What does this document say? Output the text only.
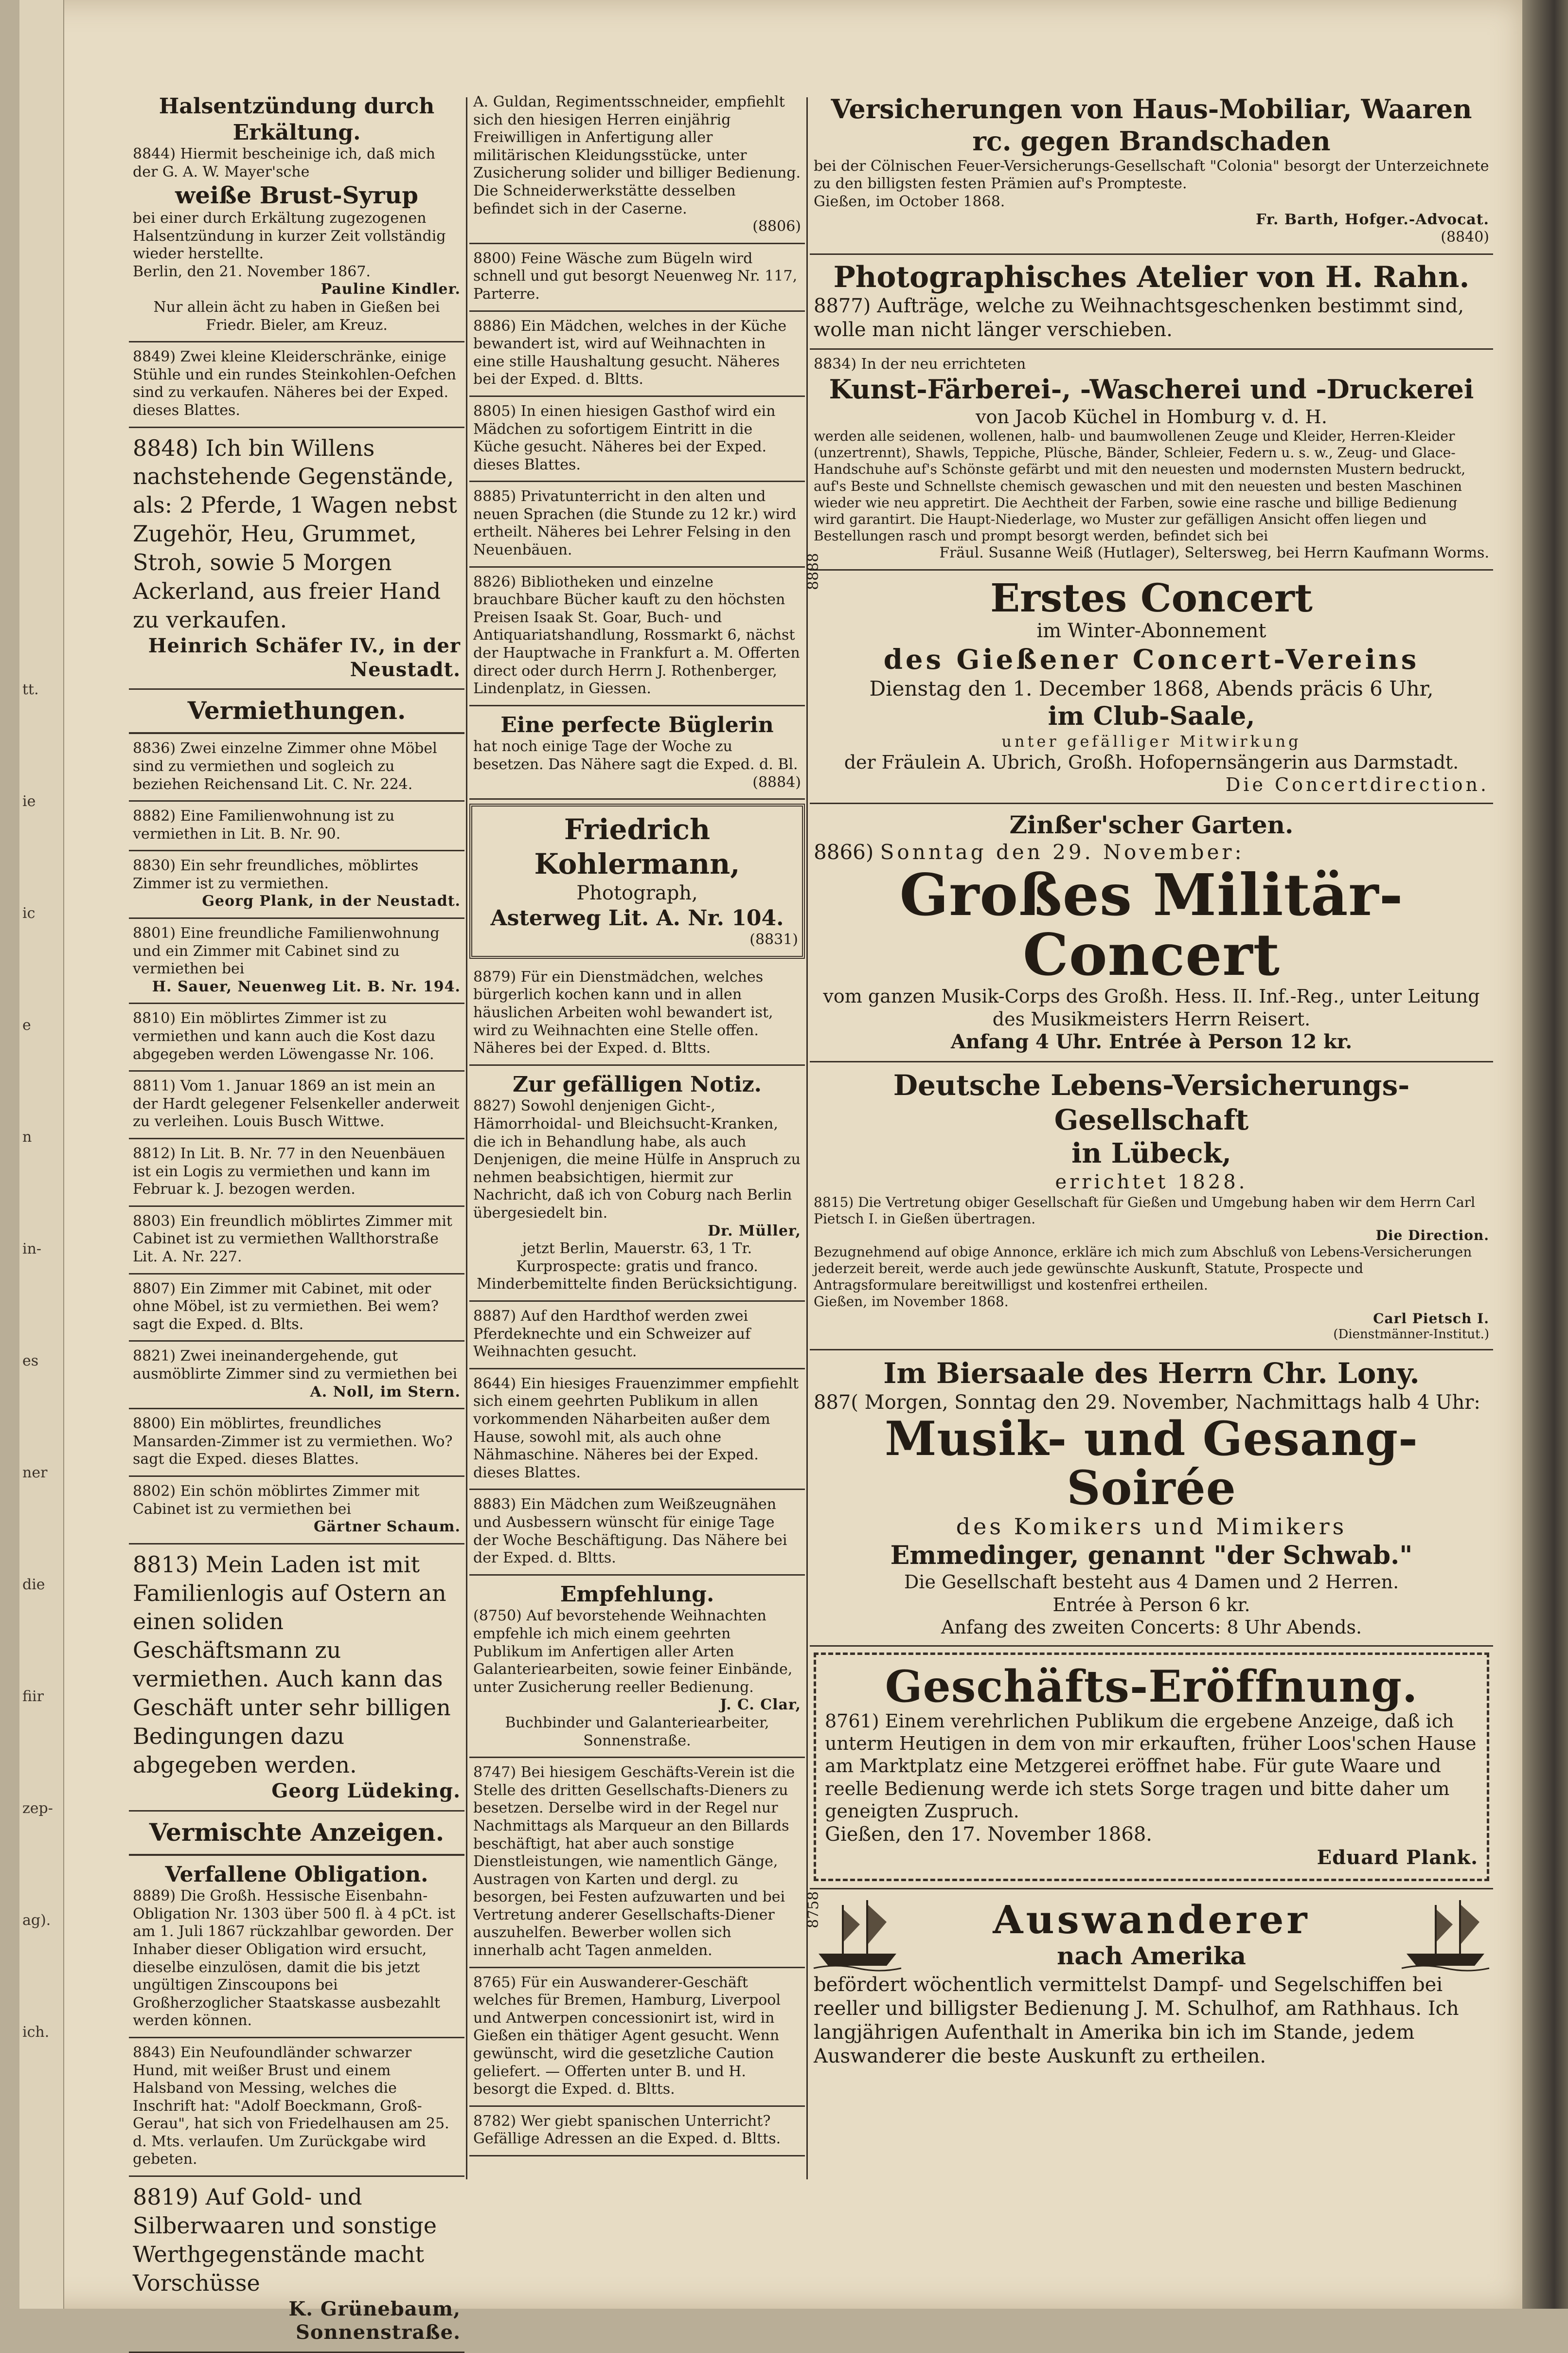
tt.
ie
ic
e
n
in-
es
ner
die
fiir
zep-
ag).
ich.

Halsentzündung durch Erkältung.

8844) Hiermit bescheinige ich, daß mich der G. A. W. Mayer'sche

weiße Brust-Syrup

bei einer durch Erkältung zugezogenen Halsentzündung in kurzer Zeit vollständig wieder herstellte.

Berlin, den 21. November 1867.

Pauline Kindler.

Nur allein ächt zu haben in Gießen bei Friedr. Bieler, am Kreuz.

8849) Zwei kleine Kleiderschränke, einige Stühle und ein rundes Steinkohlen-Oefchen sind zu verkaufen. Näheres bei der Exped. dieses Blattes.

8848) Ich bin Willens nachstehende Gegenstände, als: 2 Pferde, 1 Wagen nebst Zugehör, Heu, Grummet, Stroh, sowie 5 Morgen Ackerland, aus freier Hand zu verkaufen.

Heinrich Schäfer IV., in der Neustadt.

Vermiethungen.

8836) Zwei einzelne Zimmer ohne Möbel sind zu vermiethen und sogleich zu beziehen Reichensand Lit. C. Nr. 224.

8882) Eine Familienwohnung ist zu vermiethen in Lit. B. Nr. 90.

8830) Ein sehr freundliches, möblirtes Zimmer ist zu vermiethen.

Georg Plank, in der Neustadt.

8801) Eine freundliche Familienwohnung und ein Zimmer mit Cabinet sind zu vermiethen bei

H. Sauer, Neuenweg Lit. B. Nr. 194.

8810) Ein möblirtes Zimmer ist zu vermiethen und kann auch die Kost dazu abgegeben werden Löwengasse Nr. 106.

8811) Vom 1. Januar 1869 an ist mein an der Hardt gelegener Felsenkeller anderweit zu verleihen. Louis Busch Wittwe.

8812) In Lit. B. Nr. 77 in den Neuenbäuen ist ein Logis zu vermiethen und kann im Februar k. J. bezogen werden.

8803) Ein freundlich möblirtes Zimmer mit Cabinet ist zu vermiethen Wallthorstraße Lit. A. Nr. 227.

8807) Ein Zimmer mit Cabinet, mit oder ohne Möbel, ist zu vermiethen. Bei wem? sagt die Exped. d. Blts.

8821) Zwei ineinandergehende, gut ausmöblirte Zimmer sind zu vermiethen bei

A. Noll, im Stern.

8800) Ein möblirtes, freundliches Mansarden-Zimmer ist zu vermiethen. Wo? sagt die Exped. dieses Blattes.

8802) Ein schön möblirtes Zimmer mit Cabinet ist zu vermiethen bei

Gärtner Schaum.

8813) Mein Laden ist mit Familienlogis auf Ostern an einen soliden Geschäftsmann zu vermiethen. Auch kann das Geschäft unter sehr billigen Bedingungen dazu abgegeben werden.

Georg Lüdeking.

Vermischte Anzeigen.

Verfallene Obligation.

8889) Die Großh. Hessische Eisenbahn-Obligation Nr. 1303 über 500 fl. à 4 pCt. ist am 1. Juli 1867 rückzahlbar geworden. Der Inhaber dieser Obligation wird ersucht, dieselbe einzulösen, damit die bis jetzt ungültigen Zinscoupons bei Großherzoglicher Staatskasse ausbezahlt werden können.

8843) Ein Neufoundländer schwarzer Hund, mit weißer Brust und einem Halsband von Messing, welches die Inschrift hat: "Adolf Boeckmann, Groß-Gerau", hat sich von Friedelhausen am 25. d. Mts. verlaufen. Um Zurückgabe wird gebeten.

8819) Auf Gold- und Silberwaaren und sonstige Werthgegenstände macht Vorschüsse

K. Grünebaum, Sonnenstraße.

A. Guldan, Regimentsschneider, empfiehlt sich den hiesigen Herren einjährig Freiwilligen in Anfertigung aller militärischen Kleidungsstücke, unter Zusicherung solider und billiger Bedienung. Die Schneiderwerkstätte desselben befindet sich in der Caserne.

(8806)

8800) Feine Wäsche zum Bügeln wird schnell und gut besorgt Neuenweg Nr. 117, Parterre.

8886) Ein Mädchen, welches in der Küche bewandert ist, wird auf Weihnachten in eine stille Haushaltung gesucht. Näheres bei der Exped. d. Bltts.

8805) In einen hiesigen Gasthof wird ein Mädchen zu sofortigem Eintritt in die Küche gesucht. Näheres bei der Exped. dieses Blattes.

8885) Privatunterricht in den alten und neuen Sprachen (die Stunde zu 12 kr.) wird ertheilt. Näheres bei Lehrer Felsing in den Neuenbäuen.

8826) Bibliotheken und einzelne brauchbare Bücher kauft zu den höchsten Preisen Isaak St. Goar, Buch- und Antiquariatshandlung, Rossmarkt 6, nächst der Hauptwache in Frankfurt a. M. Offerten direct oder durch Herrn J. Rothenberger, Lindenplatz, in Giessen.

Eine perfecte Büglerin

hat noch einige Tage der Woche zu besetzen. Das Nähere sagt die Exped. d. Bl.

(8884)

Friedrich Kohlermann,

Photograph,

Asterweg Lit. A. Nr. 104.

(8831)

8879) Für ein Dienstmädchen, welches bürgerlich kochen kann und in allen häuslichen Arbeiten wohl bewandert ist, wird zu Weihnachten eine Stelle offen. Näheres bei der Exped. d. Bltts.

Zur gefälligen Notiz.

8827) Sowohl denjenigen Gicht-, Hämorrhoidal- und Bleichsucht-Kranken, die ich in Behandlung habe, als auch Denjenigen, die meine Hülfe in Anspruch zu nehmen beabsichtigen, hiermit zur Nachricht, daß ich von Coburg nach Berlin übergesiedelt bin.

Dr. Müller,

jetzt Berlin, Mauerstr. 63, 1 Tr. Kurprospecte: gratis und franco. Minderbemittelte finden Berücksichtigung.

8887) Auf den Hardthof werden zwei Pferdeknechte und ein Schweizer auf Weihnachten gesucht.

8644) Ein hiesiges Frauenzimmer empfiehlt sich einem geehrten Publikum in allen vorkommenden Näharbeiten außer dem Hause, sowohl mit, als auch ohne Nähmaschine. Näheres bei der Exped. dieses Blattes.

8883) Ein Mädchen zum Weißzeugnähen und Ausbessern wünscht für einige Tage der Woche Beschäftigung. Das Nähere bei der Exped. d. Bltts.

Empfehlung.

(8750) Auf bevorstehende Weihnachten empfehle ich mich einem geehrten Publikum im Anfertigen aller Arten Galanteriearbeiten, sowie feiner Einbände, unter Zusicherung reeller Bedienung.

J. C. Clar,

Buchbinder und Galanteriearbeiter, Sonnenstraße.

8747) Bei hiesigem Geschäfts-Verein ist die Stelle des dritten Gesellschafts-Dieners zu besetzen. Derselbe wird in der Regel nur Nachmittags als Marqueur an den Billards beschäftigt, hat aber auch sonstige Dienstleistungen, wie namentlich Gänge, Austragen von Karten und dergl. zu besorgen, bei Festen aufzuwarten und bei Vertretung anderer Gesellschafts-Diener auszuhelfen. Bewerber wollen sich innerhalb acht Tagen anmelden.

8765) Für ein Auswanderer-Geschäft welches für Bremen, Hamburg, Liverpool und Antwerpen concessionirt ist, wird in Gießen ein thätiger Agent gesucht. Wenn gewünscht, wird die gesetzliche Caution geliefert. — Offerten unter B. und H. besorgt die Exped. d. Bltts.

8782) Wer giebt spanischen Unterricht? Gefällige Adressen an die Exped. d. Bltts.

Versicherungen von Haus-Mobiliar, Waaren rc. gegen Brandschaden

bei der Cölnischen Feuer-Versicherungs-Gesellschaft "Colonia" besorgt der Unterzeichnete zu den billigsten festen Prämien auf's Prompteste.

Gießen, im October 1868.

Fr. Barth, Hofger.-Advocat.

(8840)

Photographisches Atelier von H. Rahn.

8877) Aufträge, welche zu Weihnachtsgeschenken bestimmt sind, wolle man nicht länger verschieben.

8834) In der neu errichteten

Kunst-Färberei-, -Wascherei und -Druckerei

von Jacob Küchel in Homburg v. d. H.

werden alle seidenen, wollenen, halb- und baumwollenen Zeuge und Kleider, Herren-Kleider (unzertrennt), Shawls, Teppiche, Plüsche, Bänder, Schleier, Federn u. s. w., Zeug- und Glace-Handschuhe auf's Schönste gefärbt und mit den neuesten und modernsten Mustern bedruckt, auf's Beste und Schnellste chemisch gewaschen und mit den neuesten und besten Maschinen wieder wie neu appretirt. Die Aechtheit der Farben, sowie eine rasche und billige Bedienung wird garantirt. Die Haupt-Niederlage, wo Muster zur gefälligen Ansicht offen liegen und Bestellungen rasch und prompt besorgt werden, befindet sich bei

Fräul. Susanne Weiß (Hutlager), Seltersweg, bei Herrn Kaufmann Worms.

8888

Erstes Concert

im Winter-Abonnement

des Gießener Concert-Vereins

Dienstag den 1. December 1868, Abends präcis 6 Uhr,

im Club-Saale,

unter gefälliger Mitwirkung

der Fräulein A. Ubrich, Großh. Hofopernsängerin aus Darmstadt.

Die Concertdirection.

Zinßer'scher Garten.

8866) Sonntag den 29. November:

Großes Militär-Concert

vom ganzen Musik-Corps des Großh. Hess. II. Inf.-Reg., unter Leitung des Musikmeisters Herrn Reisert.

Anfang 4 Uhr. Entrée à Person 12 kr.

Deutsche Lebens-Versicherungs-Gesellschaft

in Lübeck,

errichtet 1828.

8815) Die Vertretung obiger Gesellschaft für Gießen und Umgebung haben wir dem Herrn Carl Pietsch I. in Gießen übertragen.

Die Direction.

Bezugnehmend auf obige Annonce, erkläre ich mich zum Abschluß von Lebens-Versicherungen jederzeit bereit, werde auch jede gewünschte Auskunft, Statute, Prospecte und Antragsformulare bereitwilligst und kostenfrei ertheilen.

Gießen, im November 1868.

Carl Pietsch I.

(Dienstmänner-Institut.)

Im Biersaale des Herrn Chr. Lony.

887( Morgen, Sonntag den 29. November, Nachmittags halb 4 Uhr:

Musik- und Gesang-Soirée

des Komikers und Mimikers

Emmedinger, genannt "der Schwab."

Die Gesellschaft besteht aus 4 Damen und 2 Herren.

Entrée à Person 6 kr.

Anfang des zweiten Concerts: 8 Uhr Abends.

Geschäfts-Eröffnung.

8761) Einem verehrlichen Publikum die ergebene Anzeige, daß ich unterm Heutigen in dem von mir erkauften, früher Loos'schen Hause am Marktplatz eine Metzgerei eröffnet habe. Für gute Waare und reelle Bedienung werde ich stets Sorge tragen und bitte daher um geneigten Zuspruch.

Gießen, den 17. November 1868.

Eduard Plank.

8758	Auswanderer

nach Amerika

befördert wöchentlich vermittelst Dampf- und Segelschiffen bei reeller und billigster Bedienung J. M. Schulhof, am Rathhaus. Ich langjährigen Aufenthalt in Amerika bin ich im Stande, jedem Auswanderer die beste Auskunft zu ertheilen.
